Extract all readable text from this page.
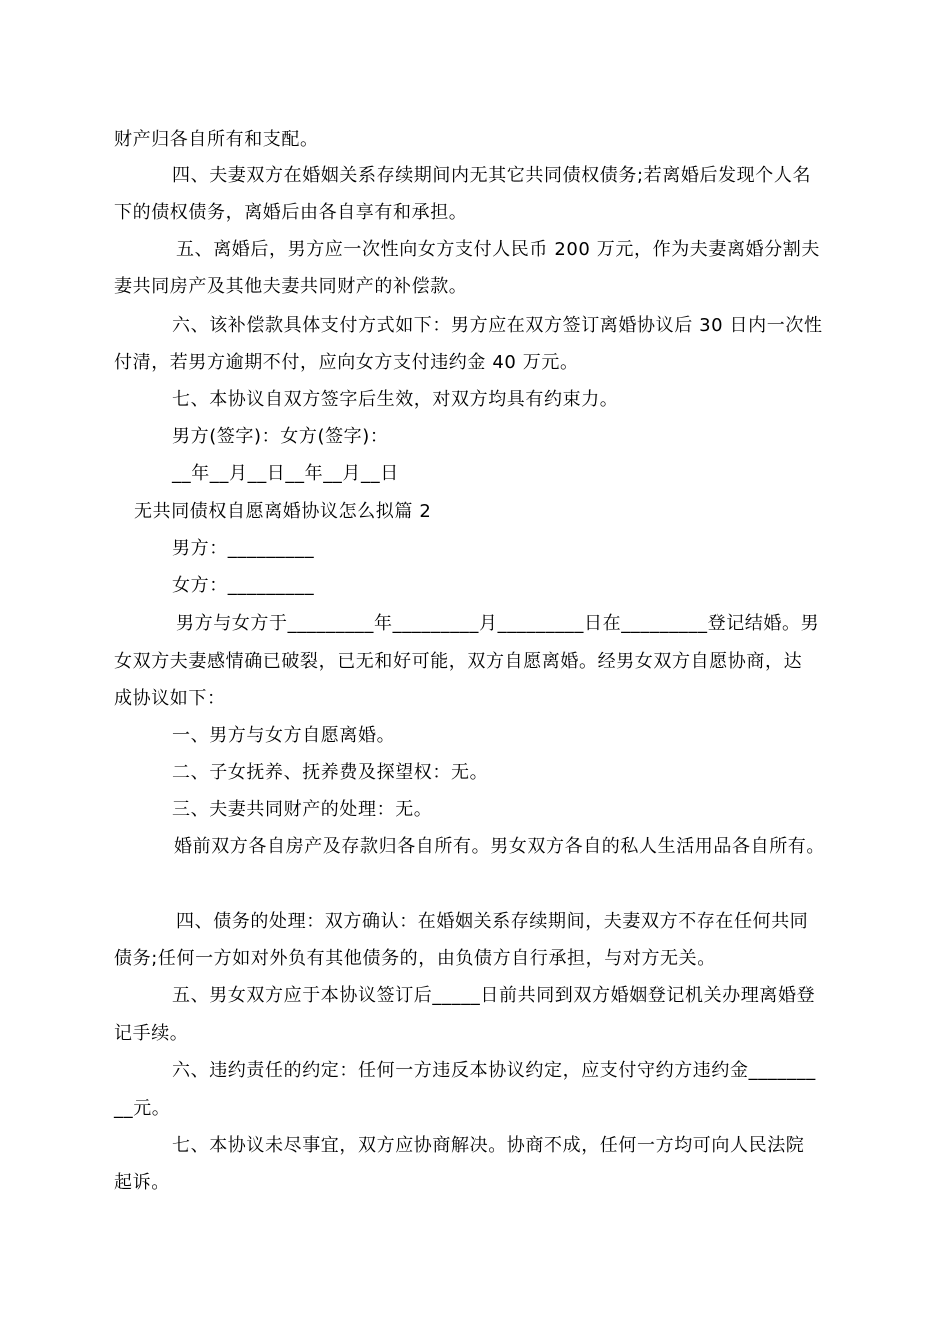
财产归各自所有和支配。
四、夫妻双方在婚姻关系存续期间内无其它共同债权债务;若离婚后发现个人名
下的债权债务，离婚后由各自享有和承担。
五、离婚后，男方应一次性向女方支付人民币 200 万元，作为夫妻离婚分割夫
妻共同房产及其他夫妻共同财产的补偿款。
六、该补偿款具体支付方式如下：男方应在双方签订离婚协议后 30 日内一次性
付清，若男方逾期不付，应向女方支付违约金 40 万元。
七、本协议自双方签字后生效，对双方均具有约束力。
男方(签字)：女方(签字)：
__年__月__日__年__月__日
无共同债权自愿离婚协议怎么拟篇 2
男方：_________
女方：_________
男方与女方于_________年_________月_________日在_________登记结婚。男
女双方夫妻感情确已破裂，已无和好可能，双方自愿离婚。经男女双方自愿协商，达
成协议如下：
一、男方与女方自愿离婚。
二、子女抚养、抚养费及探望权：无。
三、夫妻共同财产的处理：无。
婚前双方各自房产及存款归各自所有。男女双方各自的私人生活用品各自所有。
四、债务的处理：双方确认：在婚姻关系存续期间，夫妻双方不存在任何共同
债务;任何一方如对外负有其他债务的，由负债方自行承担，与对方无关。
五、男女双方应于本协议签订后_____日前共同到双方婚姻登记机关办理离婚登
记手续。
六、违约责任的约定：任何一方违反本协议约定，应支付守约方违约金_______
__元。
七、本协议未尽事宜，双方应协商解决。协商不成，任何一方均可向人民法院
起诉。
